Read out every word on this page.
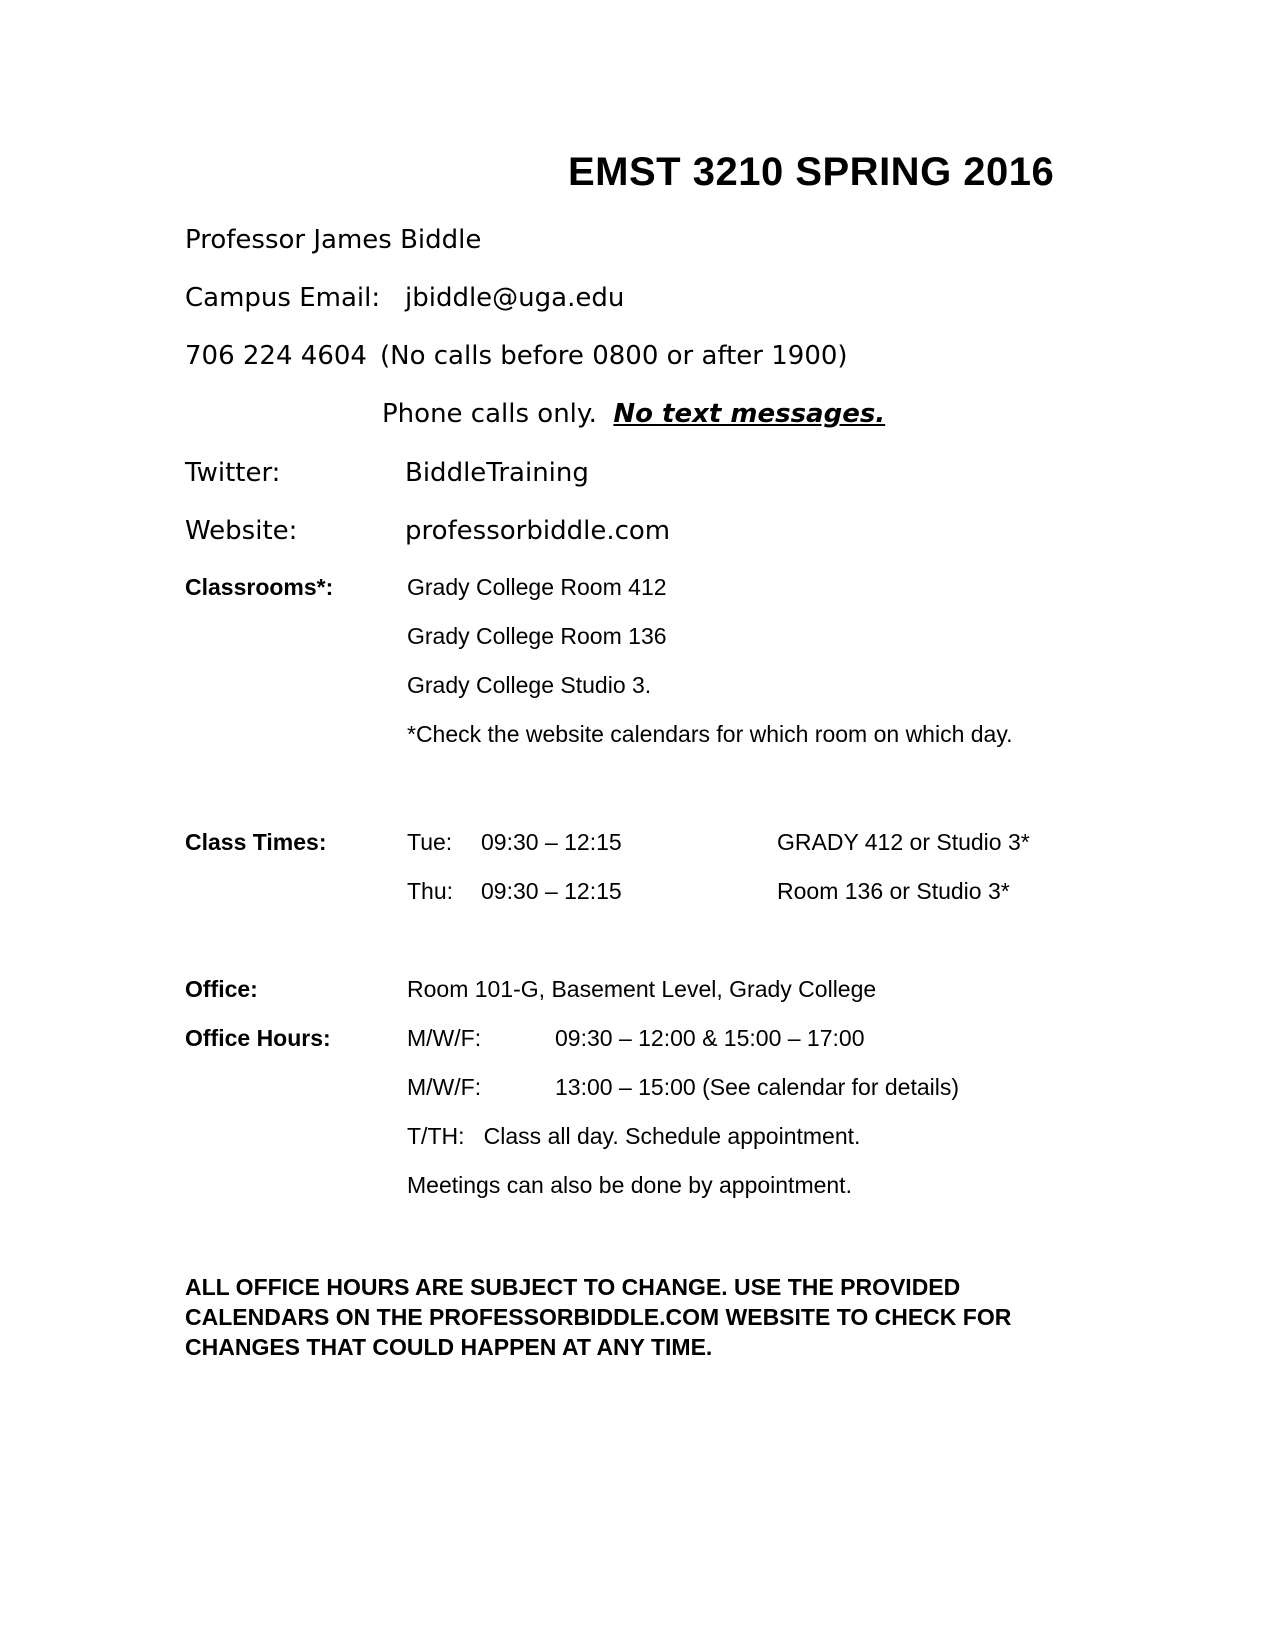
EMST 3210 SPRING 2016
Professor James Biddle
Campus Email: jbiddle@uga.edu
706 224 4604 (No calls before 0800 or after 1900)
Phone calls only. No text messages.
Twitter:	BiddleTraining
Website:	professorbiddle.com
Classrooms*:	Grady College Room 412
Grady College Room 136
Grady College Studio 3.
*Check the website calendars for which room on which day.
Class Times:	Tue: 09:30 – 12:15	GRADY 412 or Studio 3*
Thu: 09:30 – 12:15	Room 136 or Studio 3*
Office:	Room 101-G, Basement Level, Grady College
Office Hours:	M/W/F:	09:30 – 12:00 & 15:00 – 17:00
M/W/F:	13:00 – 15:00 (See calendar for details)
T/TH: Class all day. Schedule appointment.
Meetings can also be done by appointment.
ALL OFFICE HOURS ARE SUBJECT TO CHANGE. USE THE PROVIDED CALENDARS ON THE PROFESSORBIDDLE.COM WEBSITE TO CHECK FOR CHANGES THAT COULD HAPPEN AT ANY TIME.
